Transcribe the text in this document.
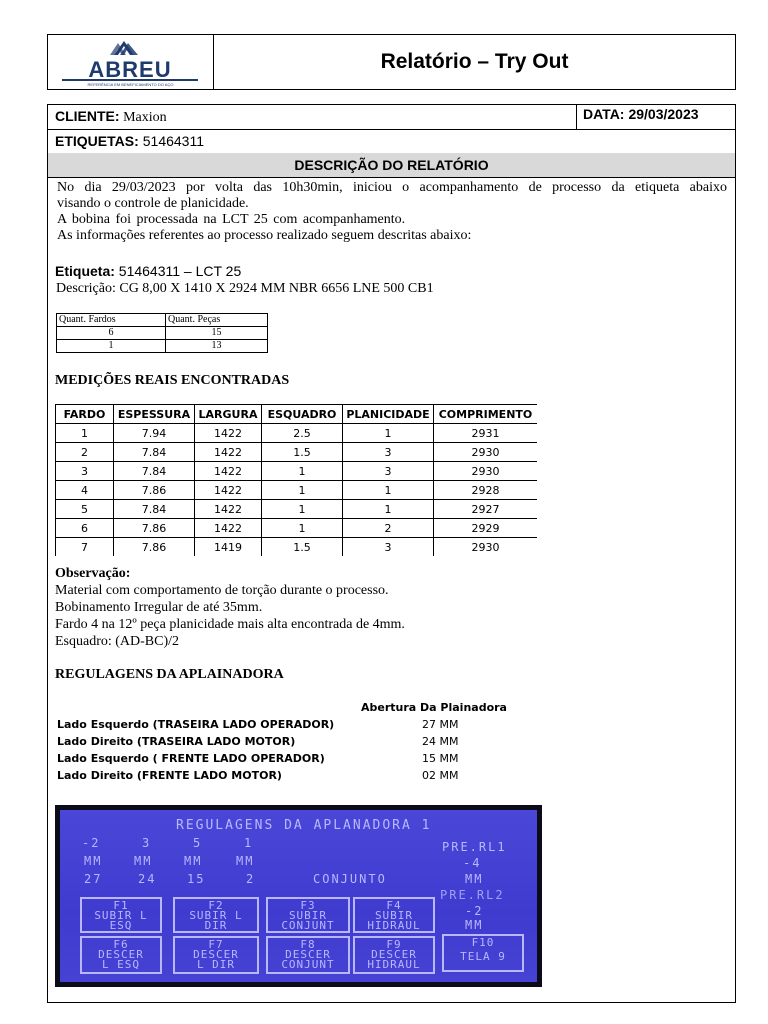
ABREU
REFERÊNCIA EM BENEFICIAMENTO DO AÇO
Relatório – Try Out
CLIENTE: Maxion	DATA: 29/03/2023
ETIQUETAS: 51464311
DESCRIÇÃO DO RELATÓRIO
No dia 29/03/2023 por volta das 10h30min, iniciou o acompanhamento de processo da etiqueta abaixo
visando o controle de planicidade.
A bobina foi processada na LCT 25 com acompanhamento.
As informações referentes ao processo realizado seguem descritas abaixo:
Etiqueta: 51464311 – LCT 25
Descrição: CG 8,00 X 1410 X 2924 MM NBR 6656 LNE 500 CB1
Quant. Fardos	Quant. Peças
6	15
1	13
MEDIÇÕES REAIS ENCONTRADAS
FARDO	ESPESSURA	LARGURA	ESQUADRO	PLANICIDADE	COMPRIMENTO
1	7.94	1422	2.5	1	2931
2	7.84	1422	1.5	3	2930
3	7.84	1422	1	3	2930
4	7.86	1422	1	1	2928
5	7.84	1422	1	1	2927
6	7.86	1422	1	2	2929
7	7.86	1419	1.5	3	2930
Observação:
Material com comportamento de torção durante o processo.
Bobinamento Irregular de até 35mm.
Fardo 4 na 12º peça planicidade mais alta encontrada de 4mm.
Esquadro: (AD-BC)/2
REGULAGENS DA APLAINADORA
Abertura Da Plainadora
Lado Esquerdo (TRASEIRA LADO OPERADOR)	27 MM
Lado Direito (TRASEIRA LADO MOTOR)	24 MM
Lado Esquerdo ( FRENTE LADO OPERADOR)	15 MM
Lado Direito (FRENTE LADO MOTOR)	02 MM
REGULAGENS DA APLANADORA 1
-2	3	5	1
MM	MM	MM	MM
27	24	15	2	CONJUNTO
PRE.RL1
-4
MM
PRE.RL2
-2
MM
F1
SUBIR L
ESQ
F2
SUBIR L
DIR
F3
SUBIR
CONJUNT
F4
SUBIR
HIDRAUL
F6
DESCER
L ESQ
F7
DESCER
L DIR
F8
DESCER
CONJUNT
F9
DESCER
HIDRAUL
F10
TELA 9
